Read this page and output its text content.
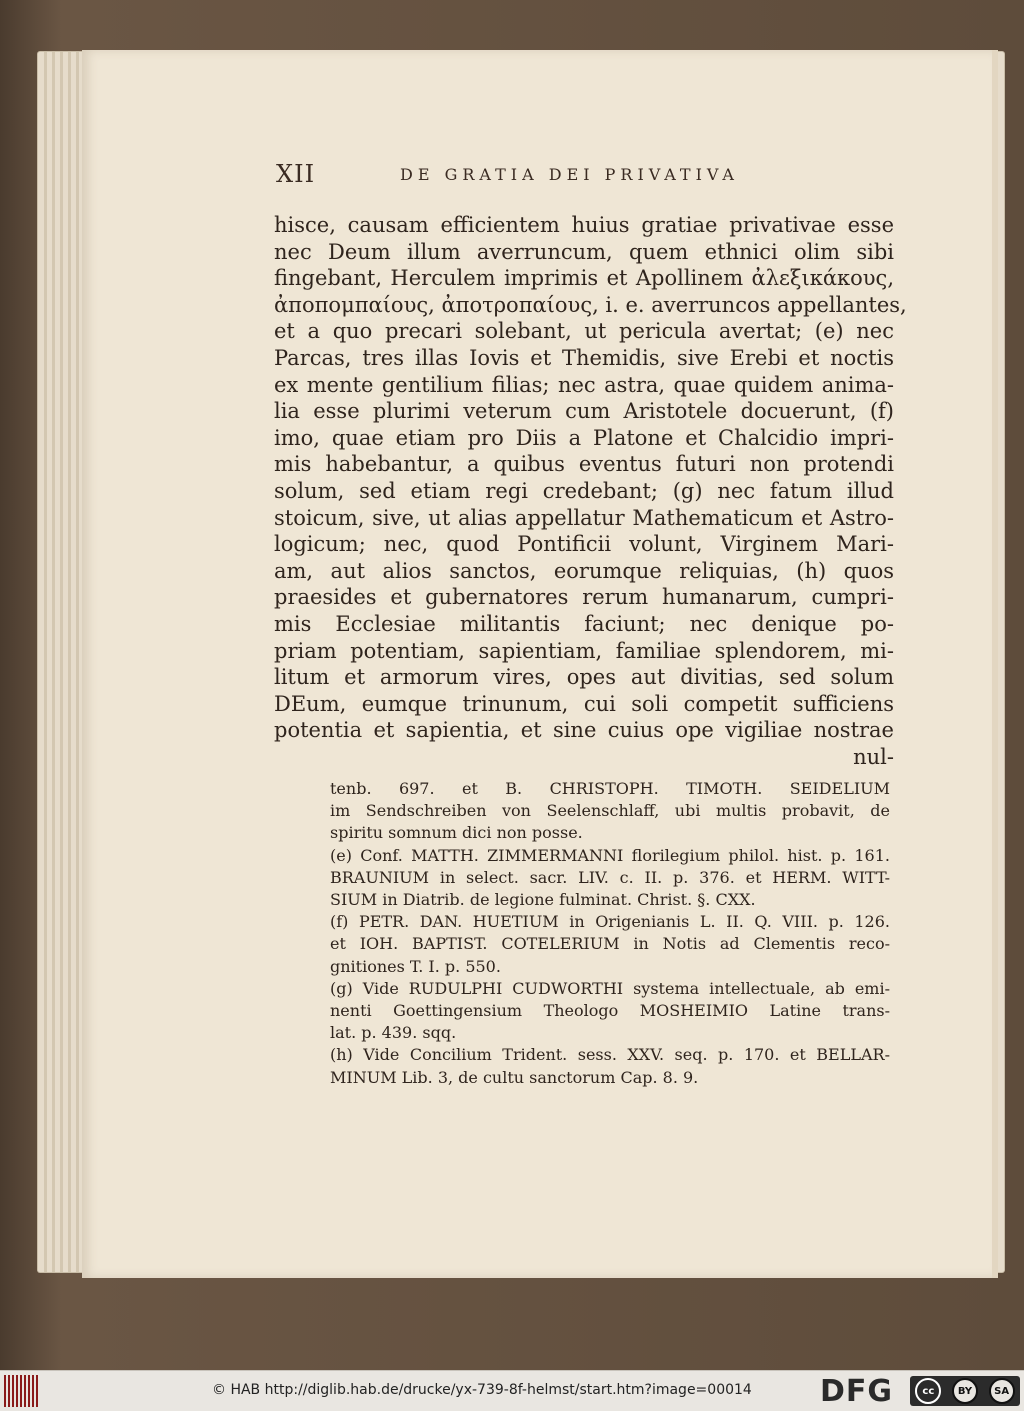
XII	DE GRATIA DEI PRIVATIVA
hisce, causam efficientem huius gratiae privativae esse
nec Deum illum averruncum, quem ethnici olim sibi
fingebant, Herculem imprimis et Apollinem ἀλεξικάκους,
ἀποπομπαίους, ἀποτροπαίους, i. e. averruncos appellantes,
et a quo precari solebant, ut pericula avertat; (e) nec
Parcas, tres illas Iovis et Themidis, sive Erebi et noctis
ex mente gentilium filias; nec astra, quae quidem anima-
lia esse plurimi veterum cum Aristotele docuerunt, (f)
imo, quae etiam pro Diis a Platone et Chalcidio impri-
mis habebantur, a quibus eventus futuri non protendi
solum, sed etiam regi credebant; (g) nec fatum illud
stoicum, sive, ut alias appellatur Mathematicum et Astro-
logicum; nec, quod Pontificii volunt, Virginem Mari-
am, aut alios sanctos, eorumque reliquias, (h) quos
praesides et gubernatores rerum humanarum, cumpri-
mis Ecclesiae militantis faciunt; nec denique po-
priam potentiam, sapientiam, familiae splendorem, mi-
litum et armorum vires, opes aut divitias, sed solum
DEum, eumque trinunum, cui soli competit sufficiens
potentia et sapientia, et sine cuius ope vigiliae nostrae
nul-
tenb. 697. et B. CHRISTOPH. TIMOTH. SEIDELIUM
im Sendschreiben von Seelenschlaff, ubi multis probavit, de
spiritu somnum dici non posse.
(e) Conf. MATTH. ZIMMERMANNI florilegium philol. hist. p. 161.
BRAUNIUM in select. sacr. LIV. c. II. p. 376. et HERM. WITT-
SIUM in Diatrib. de legione fulminat. Christ. §. CXX.
(f) PETR. DAN. HUETIUM in Origenianis L. II. Q. VIII. p. 126.
et IOH. BAPTIST. COTELERIUM in Notis ad Clementis reco-
gnitiones T. I. p. 550.
(g) Vide RUDULPHI CUDWORTHI systema intellectuale, ab emi-
nenti Goettingensium Theologo MOSHEIMIO Latine trans-
lat. p. 439. sqq.
(h) Vide Concilium Trident. sess. XXV. seq. p. 170. et BELLAR-
MINUM Lib. 3, de cultu sanctorum Cap. 8. 9.
© HAB http://diglib.hab.de/drucke/yx-739-8f-helmst/start.htm?image=00014 DFG	cc	BY	SA
